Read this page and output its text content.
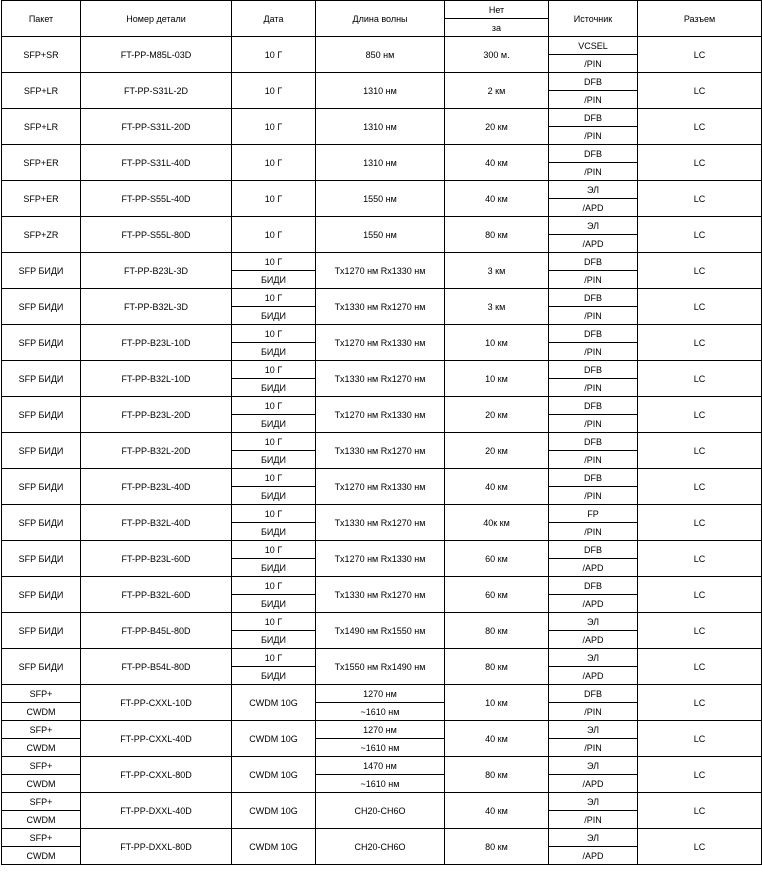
Пакет	Номер детали	Дата	Длина волны	Нет	Источник	Разъем
				за		
SFP+SR	FT-PP-M85L-03D	10 Г	850 нм	300 м.	VCSEL	LC
					/PIN	
SFP+LR	FT-PP-S31L-2D	10 Г	1310 нм	2 км	DFB	LC
					/PIN	
SFP+LR	FT-PP-S31L-20D	10 Г	1310 нм	20 км	DFB	LC
					/PIN	
SFP+ER	FT-PP-S31L-40D	10 Г	1310 нм	40 км	DFB	LC
					/PIN	
SFP+ER	FT-PP-S55L-40D	10 Г	1550 нм	40 км	ЭЛ	LC
					/APD	
SFP+ZR	FT-PP-S55L-80D	10 Г	1550 нм	80 км	ЭЛ	LC
					/APD	
SFP БИДИ	FT-PP-B23L-3D	10 Г	Tx1270 нм Rx1330 нм	3 км	DFB	LC
		БИДИ			/PIN	
SFP БИДИ	FT-PP-B32L-3D	10 Г	Tx1330 нм Rx1270 нм	3 км	DFB	LC
		БИДИ			/PIN	
SFP БИДИ	FT-PP-B23L-10D	10 Г	Tx1270 нм Rx1330 нм	10 км	DFB	LC
		БИДИ			/PIN	
SFP БИДИ	FT-PP-B32L-10D	10 Г	Tx1330 нм Rx1270 нм	10 км	DFB	LC
		БИДИ			/PIN	
SFP БИДИ	FT-PP-B23L-20D	10 Г	Tx1270 нм Rx1330 нм	20 км	DFB	LC
		БИДИ			/PIN	
SFP БИДИ	FT-PP-B32L-20D	10 Г	Tx1330 нм Rx1270 нм	20 км	DFB	LC
		БИДИ			/PIN	
SFP БИДИ	FT-PP-B23L-40D	10 Г	Tx1270 нм Rx1330 нм	40 км	DFB	LC
		БИДИ			/PIN	
SFP БИДИ	FT-PP-B32L-40D	10 Г	Tx1330 нм Rx1270 нм	40к км	FP	LC
		БИДИ			/PIN	
SFP БИДИ	FT-PP-B23L-60D	10 Г	Tx1270 нм Rx1330 нм	60 км	DFB	LC
		БИДИ			/APD	
SFP БИДИ	FT-PP-B32L-60D	10 Г	Tx1330 нм Rx1270 нм	60 км	DFB	LC
		БИДИ			/APD	
SFP БИДИ	FT-PP-B45L-80D	10 Г	Tx1490 нм Rx1550 нм	80 км	ЭЛ	LC
		БИДИ			/APD	
SFP БИДИ	FT-PP-B54L-80D	10 Г	Tx1550 нм Rx1490 нм	80 км	ЭЛ	LC
		БИДИ			/APD	
SFP+	FT-PP-CXXL-10D	CWDM 10G	1270 нм	10 км	DFB	LC
CWDM			~1610 нм		/PIN	
SFP+	FT-PP-CXXL-40D	CWDM 10G	1270 нм	40 км	ЭЛ	LC
CWDM			~1610 нм		/PIN	
SFP+	FT-PP-CXXL-80D	CWDM 10G	1470 нм	80 км	ЭЛ	LC
CWDM			~1610 нм		/APD	
SFP+	FT-PP-DXXL-40D	CWDM 10G	CH20-CH6O	40 км	ЭЛ	LC
CWDM					/PIN	
SFP+	FT-PP-DXXL-80D	CWDM 10G	CH20-CH6O	80 км	ЭЛ	LC
CWDM					/APD	
